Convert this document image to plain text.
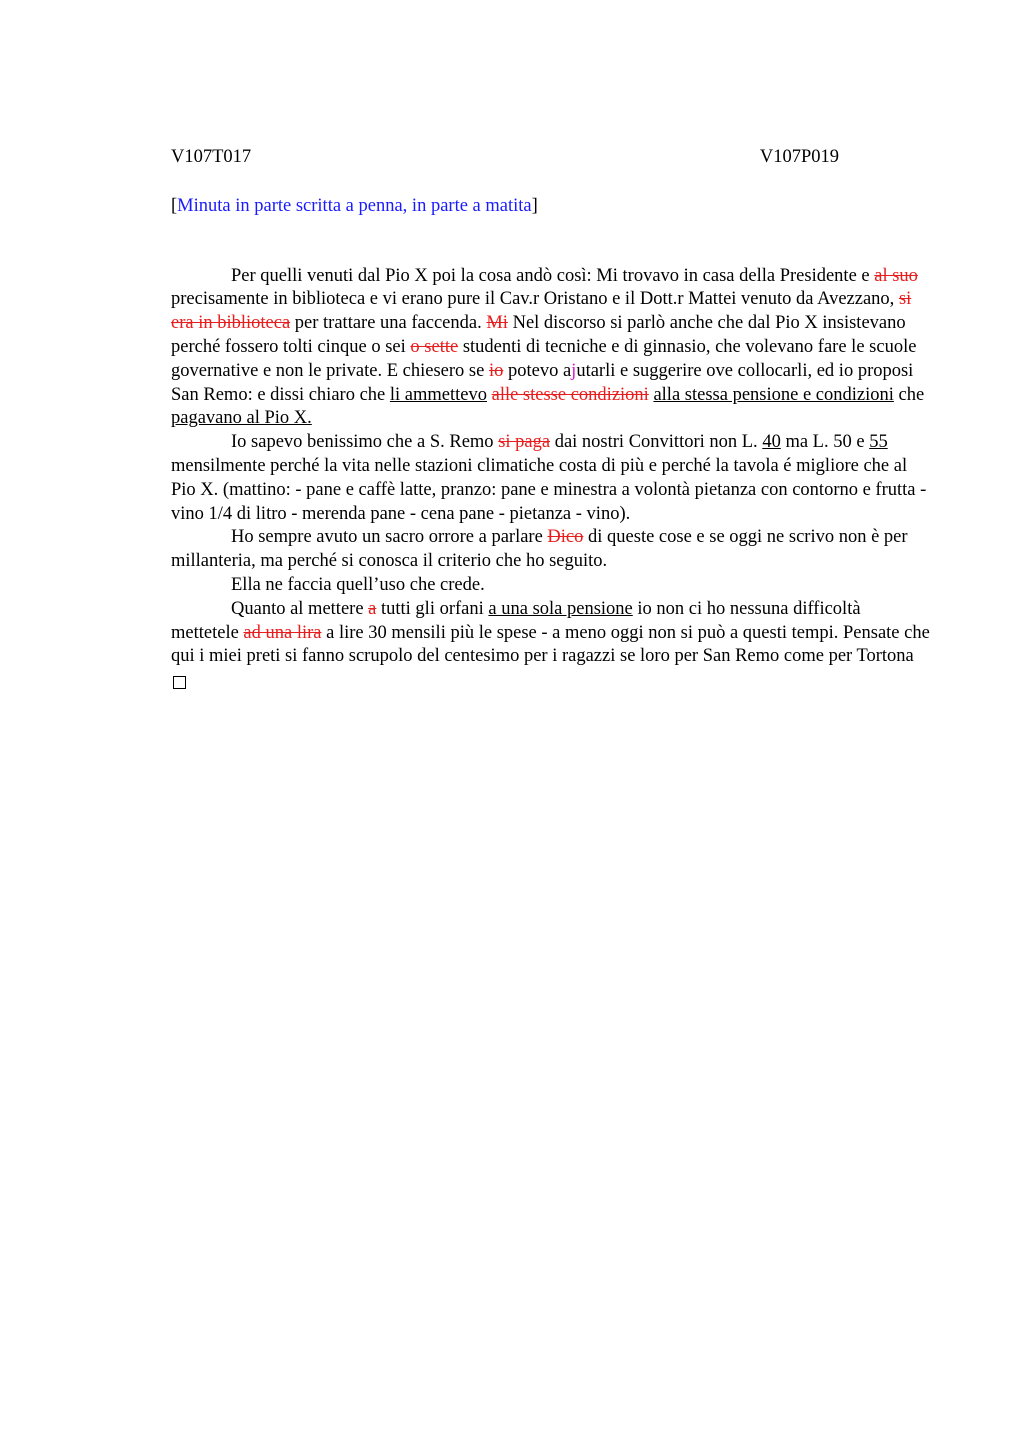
V107T017	V107P019
[Minuta in parte scritta a penna, in parte a matita]

Per quelli venuti dal Pio X poi la cosa andò così: Mi trovavo in casa della Presidente e al suo precisamente in biblioteca e vi erano pure il Cav.r Oristano e il Dott.r Mattei venuto da Avezzano, si era in biblioteca per trattare una faccenda. Mi Nel discorso si parlò anche che dal Pio X insistevano perché fossero tolti cinque o sei o sette studenti di tecniche e di ginnasio, che volevano fare le scuole governative e non le private. E chiesero se io potevo ajutarli e suggerire ove collocarli, ed io proposi San Remo: e dissi chiaro che li ammettevo alle stesse condizioni alla stessa pensione e condizioni che pagavano al Pio X.

Io sapevo benissimo che a S. Remo si paga dai nostri Convittori non L. 40 ma L. 50 e 55 mensilmente perché la vita nelle stazioni climatiche costa di più e perché la tavola é migliore che al Pio X. (mattino: - pane e caffè latte, pranzo: pane e minestra a volontà pietanza con contorno e frutta - vino 1/4 di litro - merenda pane - cena pane - pietanza - vino).

Ho sempre avuto un sacro orrore a parlare Dico di queste cose e se oggi ne scrivo non è per millanteria, ma perché si conosca il criterio che ho seguito.

Ella ne faccia quell’uso che crede.

Quanto al mettere a tutti gli orfani a una sola pensione io non ci ho nessuna difficoltà mettetele ad una lira a lire 30 mensili più le spese - a meno oggi non si può a questi tempi. Pensate che qui i miei preti si fanno scrupolo del centesimo per i ragazzi se loro per San Remo come per Tortona
